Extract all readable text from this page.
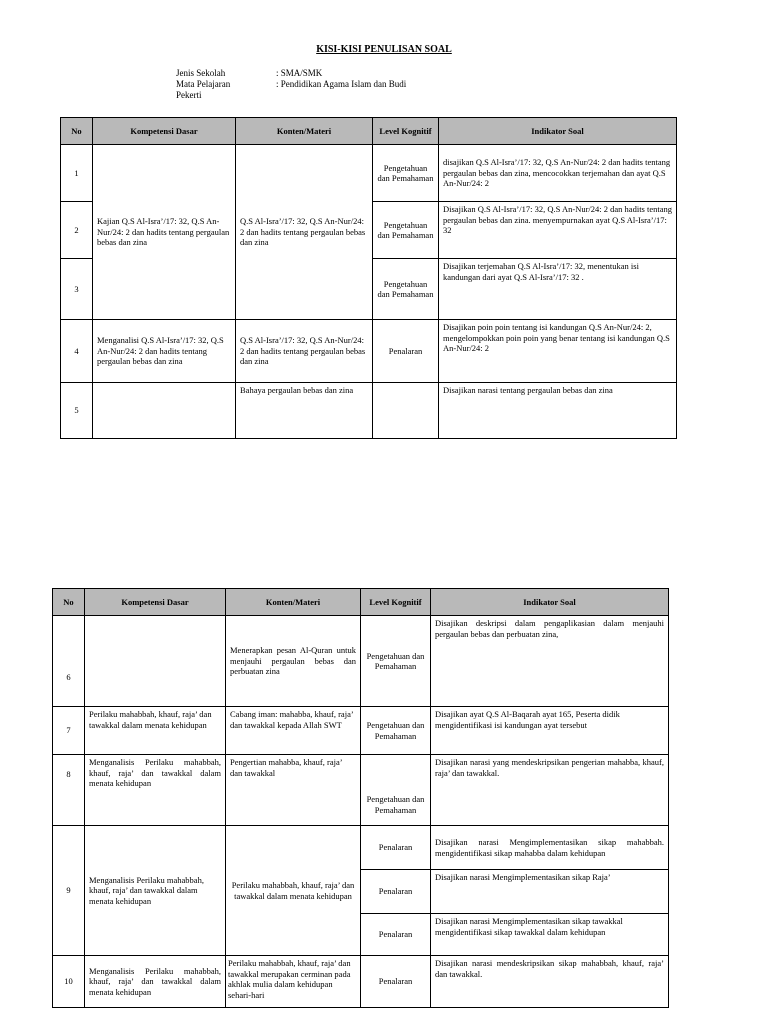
KISI-KISI PENULISAN SOAL
Jenis Sekolah	: SMA/SMK
Mata Pelajaran	: Pendidikan Agama Islam dan Budi
Pekerti
No	Kompetensi Dasar	Konten/Materi	Level Kognitif	Indikator Soal
1	Kajian Q.S Al-Isra’/17: 32, Q.S An-Nur/24: 2 dan hadits tentang pergaulan bebas dan zina	Q.S Al-Isra’/17: 32, Q.S An-Nur/24: 2 dan hadits tentang pergaulan bebas dan zina	Pengetahuan dan Pemahaman	disajikan Q.S Al-Isra’/17: 32, Q.S An-Nur/24: 2 dan hadits tentang pergaulan bebas dan zina, mencocokkan terjemahan dan ayat Q.S An-Nur/24: 2
2			Pengetahuan dan Pemahaman	Disajikan Q.S Al-Isra’/17: 32, Q.S An-Nur/24: 2 dan hadits tentang pergaulan bebas dan zina. menyempurnakan ayat Q.S Al-Isra’/17: 32
3			Pengetahuan dan Pemahaman	Disajikan terjemahan Q.S Al-Isra’/17: 32, menentukan isi kandungan dari ayat Q.S Al-Isra’/17: 32 .
4	Menganalisi Q.S Al-Isra’/17: 32, Q.S An-Nur/24: 2 dan hadits tentang pergaulan bebas dan zina	Q.S Al-Isra’/17: 32, Q.S An-Nur/24: 2 dan hadits tentang pergaulan bebas dan zina	Penalaran	Disajikan poin poin tentang isi kandungan Q.S An-Nur/24: 2, mengelompokkan poin poin yang benar tentang isi kandungan Q.S An-Nur/24: 2
5		Bahaya pergaulan bebas dan zina		Disajikan narasi tentang pergaulan bebas dan zina
No	Kompetensi Dasar	Konten/Materi	Level Kognitif	Indikator Soal
6		Menerapkan pesan Al-Quran untuk menjauhi pergaulan bebas dan perbuatan zina	Pengetahuan dan Pemahaman	Disajikan deskripsi dalam pengaplikasian dalam menjauhi pergaulan bebas dan perbuatan zina,
7	Perilaku mahabbah, khauf, raja’ dan tawakkal dalam menata kehidupan	Cabang iman: mahabba, khauf, raja’ dan tawakkal kepada Allah SWT	Pengetahuan dan Pemahaman	Disajikan ayat Q.S Al-Baqarah ayat 165, Peserta didik mengidentifikasi isi kandungan ayat tersebut
8	Menganalisis Perilaku mahabbah, khauf, raja’ dan tawakkal dalam menata kehidupan	Pengertian mahabba, khauf, raja’ dan tawakkal	Pengetahuan dan Pemahaman	Disajikan narasi yang mendeskripsikan pengerian mahabba, khauf, raja’ dan tawakkal.
9	Menganalisis Perilaku mahabbah, khauf, raja’ dan tawakkal dalam menata kehidupan	Perilaku mahabbah, khauf, raja’ dan tawakkal dalam menata kehidupan	Penalaran	Disajikan narasi Mengimplementasikan sikap mahabbah. mengidentifikasi sikap mahabba dalam kehidupan
			Penalaran	Disajikan narasi Mengimplementasikan sikap Raja’
			Penalaran	Disajikan narasi Mengimplementasikan sikap tawakkal mengidentifikasi sikap tawakkal dalam kehidupan
10	Menganalisis Perilaku mahabbah, khauf, raja’ dan tawakkal dalam menata kehidupan	Perilaku mahabbah, khauf, raja’ dan tawakkal merupakan cerminan pada akhlak mulia dalam kehidupan sehari-hari	Penalaran	Disajikan narasi mendeskripsikan sikap mahabbah, khauf, raja’ dan tawakkal.
